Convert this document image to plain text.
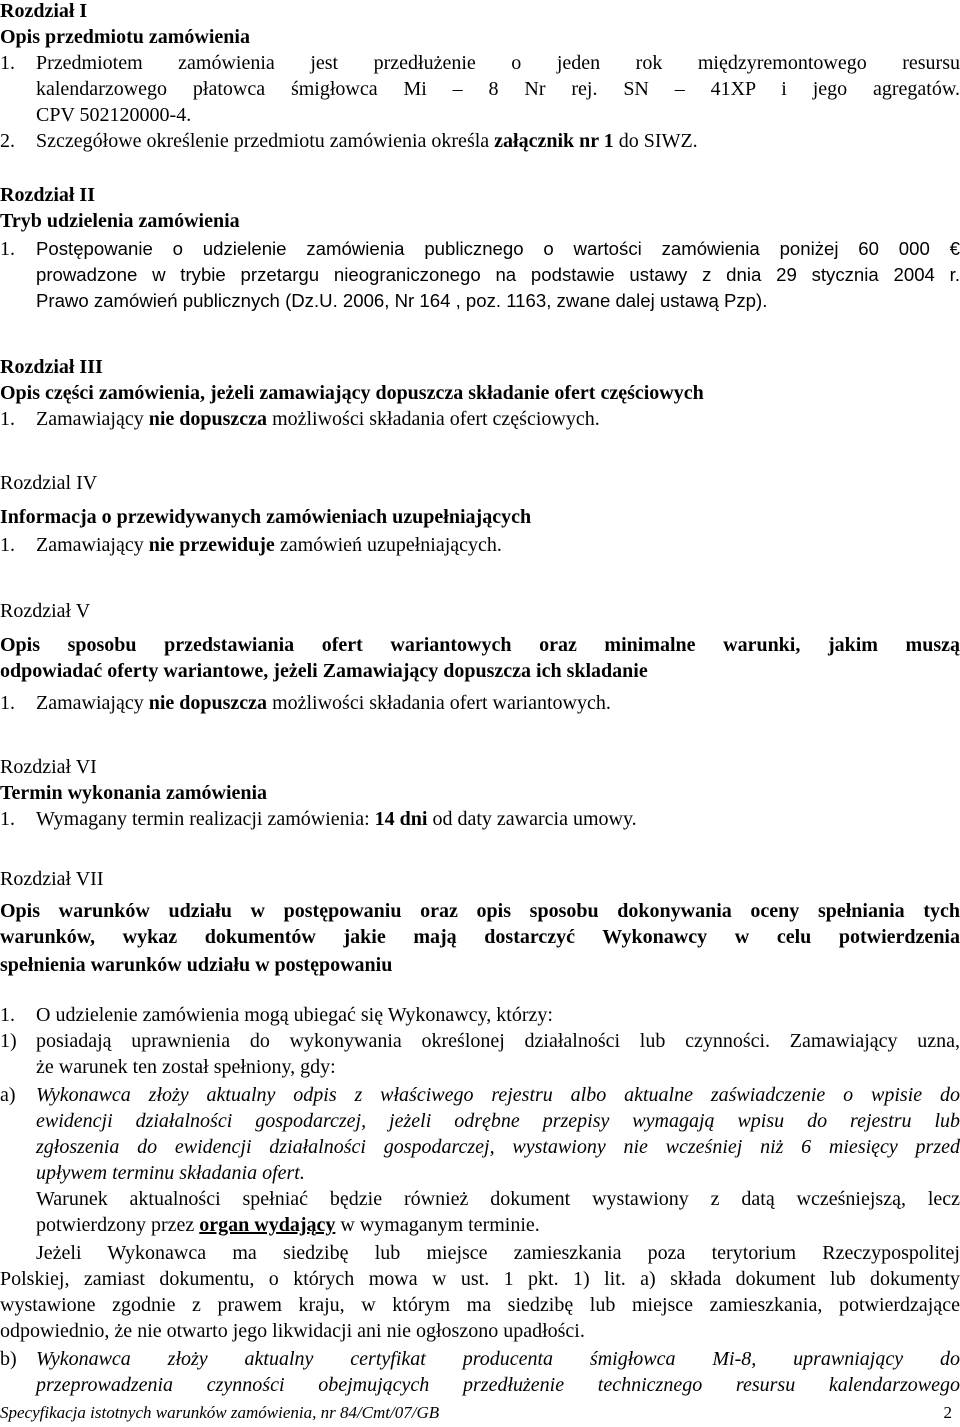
Rozdział I
Opis przedmiotu zamówienia
1. Przedmiotem zamówienia jest przedłużenie o jeden rok międzyremontowego resursu
kalendarzowego płatowca śmigłowca Mi – 8 Nr rej. SN – 41XP i jego agregatów.
CPV 502120000-4.
2. Szczegółowe określenie przedmiotu zamówienia określa załącznik nr 1 do SIWZ.
Rozdział II
Tryb udzielenia zamówienia
1. Postępowanie o udzielenie zamówienia publicznego o wartości zamówienia poniżej 60 000 €
prowadzone w trybie przetargu nieograniczonego na podstawie ustawy z dnia 29 stycznia 2004 r.
Prawo zamówień publicznych (Dz.U. 2006, Nr 164 , poz. 1163, zwane dalej ustawą Pzp).
Rozdział III
Opis części zamówienia, jeżeli zamawiający dopuszcza składanie ofert częściowych
1. Zamawiający nie dopuszcza możliwości składania ofert częściowych.
Rozdzial IV
Informacja o przewidywanych zamówieniach uzupełniających
1. Zamawiający nie przewiduje zamówień uzupełniających.
Rozdział V
Opis sposobu przedstawiania ofert wariantowych oraz minimalne warunki, jakim muszą
odpowiadać oferty wariantowe, jeżeli Zamawiający dopuszcza ich skladanie
1. Zamawiający nie dopuszcza możliwości składania ofert wariantowych.
Rozdział VI
Termin wykonania zamówienia
1. Wymagany termin realizacji zamówienia: 14 dni od daty zawarcia umowy.
Rozdział VII
Opis warunków udziału w postępowaniu oraz opis sposobu dokonywania oceny spełniania tych
warunków, wykaz dokumentów jakie mają dostarczyć Wykonawcy w celu potwierdzenia
spełnienia warunków udziału w postępowaniu
1. O udzielenie zamówienia mogą ubiegać się Wykonawcy, którzy:
1) posiadają uprawnienia do wykonywania określonej działalności lub czynności. Zamawiający uzna,
że warunek ten został spełniony, gdy:
a) Wykonawca złoży aktualny odpis z właściwego rejestru albo aktualne zaświadczenie o wpisie do
ewidencji działalności gospodarczej, jeżeli odrębne przepisy wymagają wpisu do rejestru lub
zgłoszenia do ewidencji działalności gospodarczej, wystawiony nie wcześniej niż 6 miesięcy przed
upływem terminu składania ofert.
Warunek aktualności spełniać będzie również dokument wystawiony z datą wcześniejszą, lecz
potwierdzony przez organ wydający w wymaganym terminie.
Jeżeli Wykonawca ma siedzibę lub miejsce zamieszkania poza terytorium Rzeczypospolitej
Polskiej, zamiast dokumentu, o których mowa w ust. 1 pkt. 1) lit. a) składa dokument lub dokumenty
wystawione zgodnie z prawem kraju, w którym ma siedzibę lub miejsce zamieszkania, potwierdzające
odpowiednio, że nie otwarto jego likwidacji ani nie ogłoszono upadłości.
b) Wykonawca złoży aktualny certyfikat producenta śmigłowca Mi-8, uprawniający do
przeprowadzenia czynności obejmujących przedłużenie technicznego resursu kalendarzowego
Specyfikacja istotnych warunków zamówienia, nr 84/Cmt/07/GB	2
